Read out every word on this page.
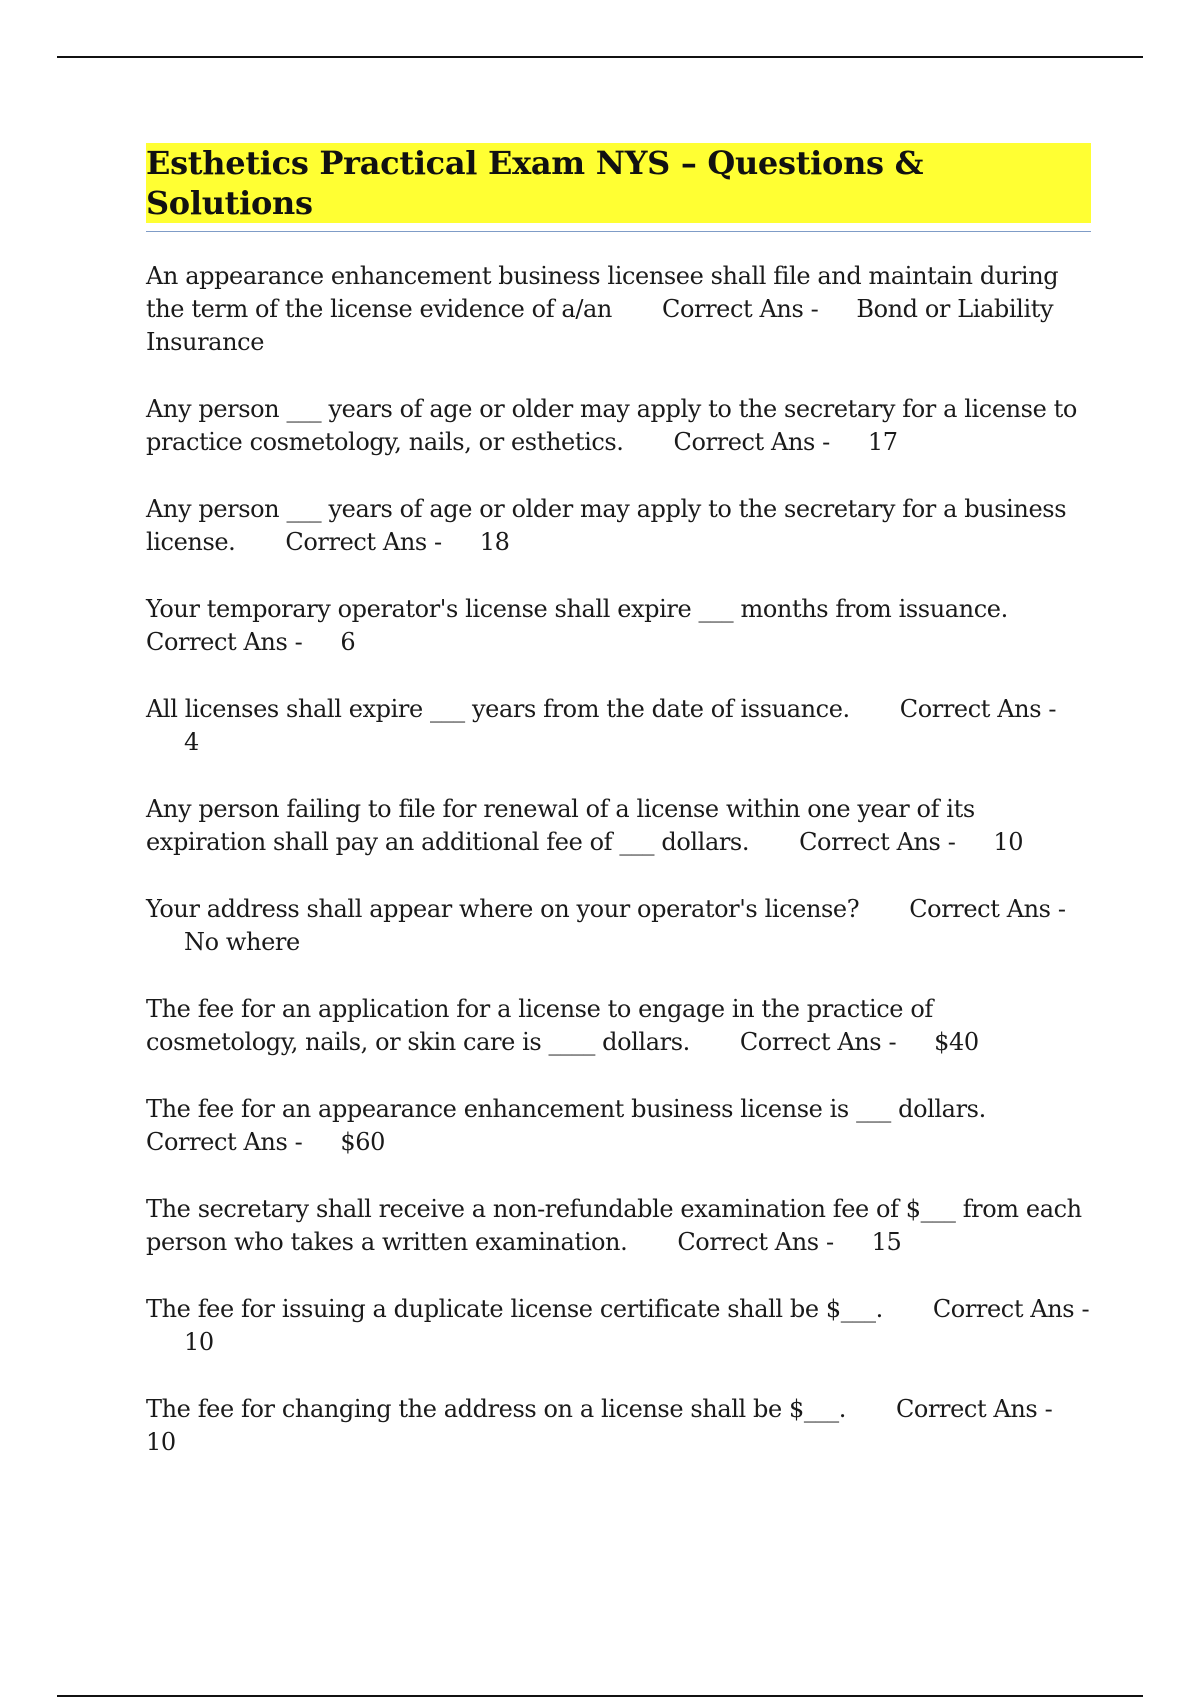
Esthetics Practical Exam NYS – Questions & Solutions
An appearance enhancement business licensee shall file and maintain during the term of the license evidence of a/an Correct Ans - Bond or Liability Insurance
Any person ___ years of age or older may apply to the secretary for a license to practice cosmetology, nails, or esthetics. Correct Ans - 17
Any person ___ years of age or older may apply to the secretary for a business license. Correct Ans - 18
Your temporary operator's license shall expire ___ months from issuance.Correct Ans - 6
All licenses shall expire ___ years from the date of issuance. Correct Ans -4
Any person failing to file for renewal of a license within one year of its expiration shall pay an additional fee of ___ dollars. Correct Ans - 10
Your address shall appear where on your operator's license? Correct Ans -No where
The fee for an application for a license to engage in the practice of cosmetology, nails, or skin care is ____ dollars. Correct Ans - $40
The fee for an appearance enhancement business license is ___ dollars.Correct Ans - $60
The secretary shall receive a non-refundable examination fee of $___ from each person who takes a written examination. Correct Ans - 15
The fee for issuing a duplicate license certificate shall be $___. Correct Ans -10
The fee for changing the address on a license shall be $___. Correct Ans -10
